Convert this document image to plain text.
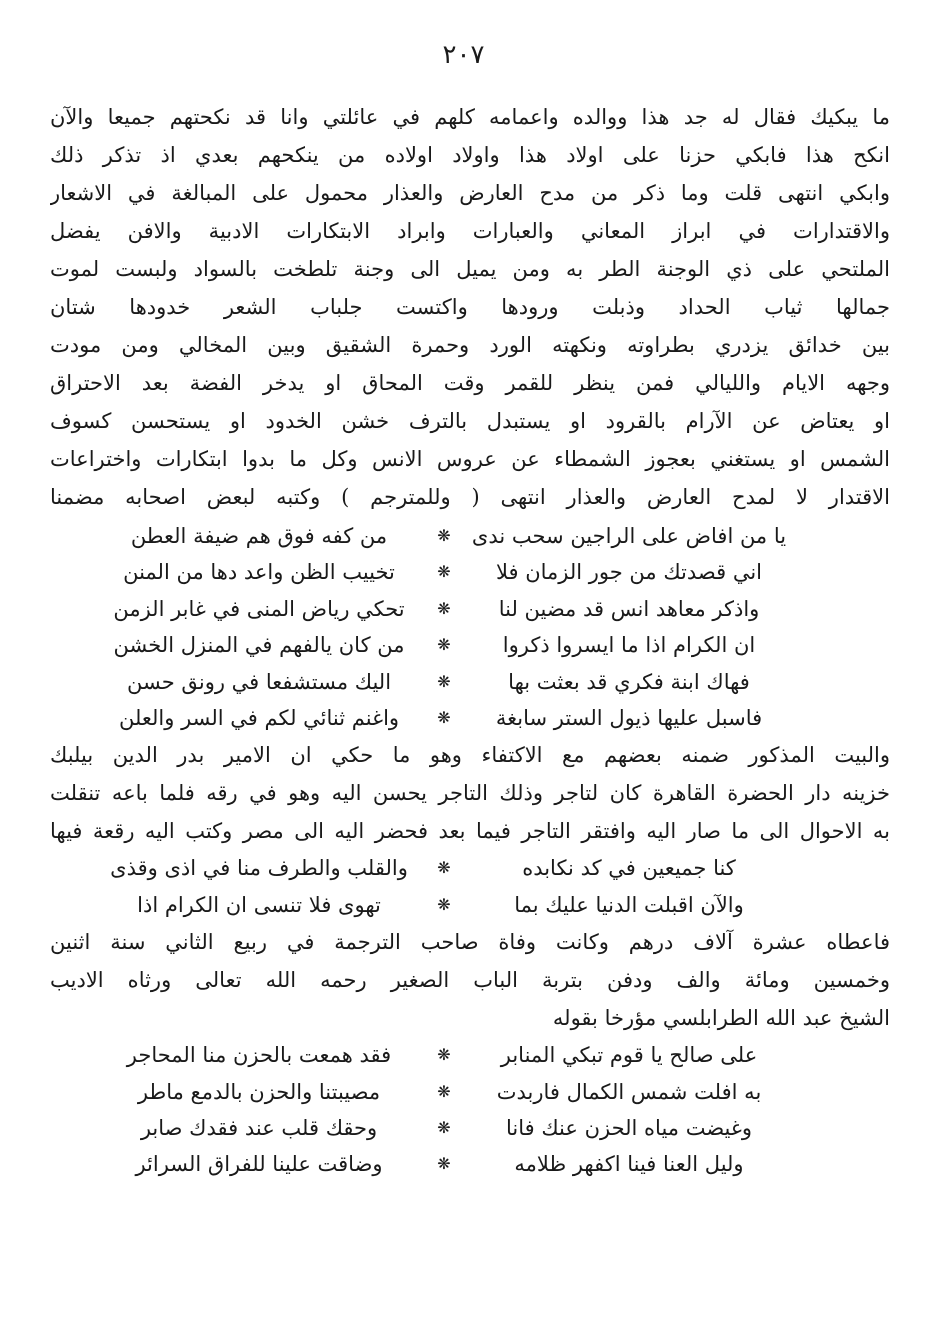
٢٠٧
ما يبكيك فقال له جد هذا ووالده واعمامه كلهم في عائلتي وانا قد نكحتهم جميعا والآن
انكح هذا فابكي حزنا على اولاد هذا واولاد اولاده من ينكحهم بعدي اذ تذكر ذلك
وابكي انتهى قلت وما ذكر من مدح العارض والعذار محمول على المبالغة في الاشعار
والاقتدارات في ابراز المعاني والعبارات وابراد الابتكارات الادبية والافن يفضل
الملتحي على ذي الوجنة الطر به ومن يميل الى وجنة تلطخت بالسواد ولبست لموت
جمالها ثياب الحداد وذبلت ورودها واكتست جلباب الشعر خدودها شتان
بين خدائق يزدري بطراوته ونكهته الورد وحمرة الشقيق وبين المخالي ومن مودت
وجهه الايام والليالي فمن ينظر للقمر وقت المحاق او يدخر الفضة بعد الاحتراق
او يعتاض عن الآرام بالقرود او يستبدل بالترف خشن الخدود او يستحسن كسوف
الشمس او يستغني بعجوز الشمطاء عن عروس الانس وكل ما بدوا ابتكارات واختراعات
الاقتدار لا لمدح العارض والعذار انتهى ( وللمترجم ) وكتبه لبعض اصحابه مضمنا
يا من افاض على الراجين سحب ندى
❋
من كفه فوق هم ضيفة العطن
اني قصدتك من جور الزمان فلا
❋
تخييب الظن واعد دها من المنن
واذكر معاهد انس قد مضين لنا
❋
تحكي رياض المنى في غابر الزمن
ان الكرام اذا ما ايسروا ذكروا
❋
من كان يالفهم في المنزل الخشن
فهاك ابنة فكري قد بعثت بها
❋
اليك مستشفعا في رونق حسن
فاسبل عليها ذيول الستر سابغة
❋
واغنم ثنائي لكم في السر والعلن
والبيت المذكور ضمنه بعضهم مع الاكتفاء وهو ما حكي ان الامير بدر الدين بيلبك
خزينه دار الحضرة القاهرة كان لتاجر وذلك التاجر يحسن اليه وهو في رقه فلما باعه تنقلت
به الاحوال الى ما صار اليه وافتقر التاجر فيما بعد فحضر اليه الى مصر وكتب اليه رقعة فيها
كنا جميعين في كد نكابده
❋
والقلب والطرف منا في اذى وقذى
والآن اقبلت الدنيا عليك بما
❋
تهوى فلا تنسى ان الكرام اذا
فاعطاه عشرة آلاف درهم وكانت وفاة صاحب الترجمة في ربيع الثاني سنة اثنين
وخمسين ومائة والف ودفن بتربة الباب الصغير رحمه الله تعالى ورثاه الاديب
الشيخ عبد الله الطرابلسي مؤرخا بقوله
على صالح يا قوم تبكي المنابر
❋
فقد همعت بالحزن منا المحاجر
به افلت شمس الكمال فاربدت
❋
مصيبتنا والحزن بالدمع ماطر
وغيضت مياه الحزن عنك فانا
❋
وحقك قلب عند فقدك صابر
وليل العنا فينا اكفهر ظلامه
❋
وضاقت علينا للفراق السرائر
